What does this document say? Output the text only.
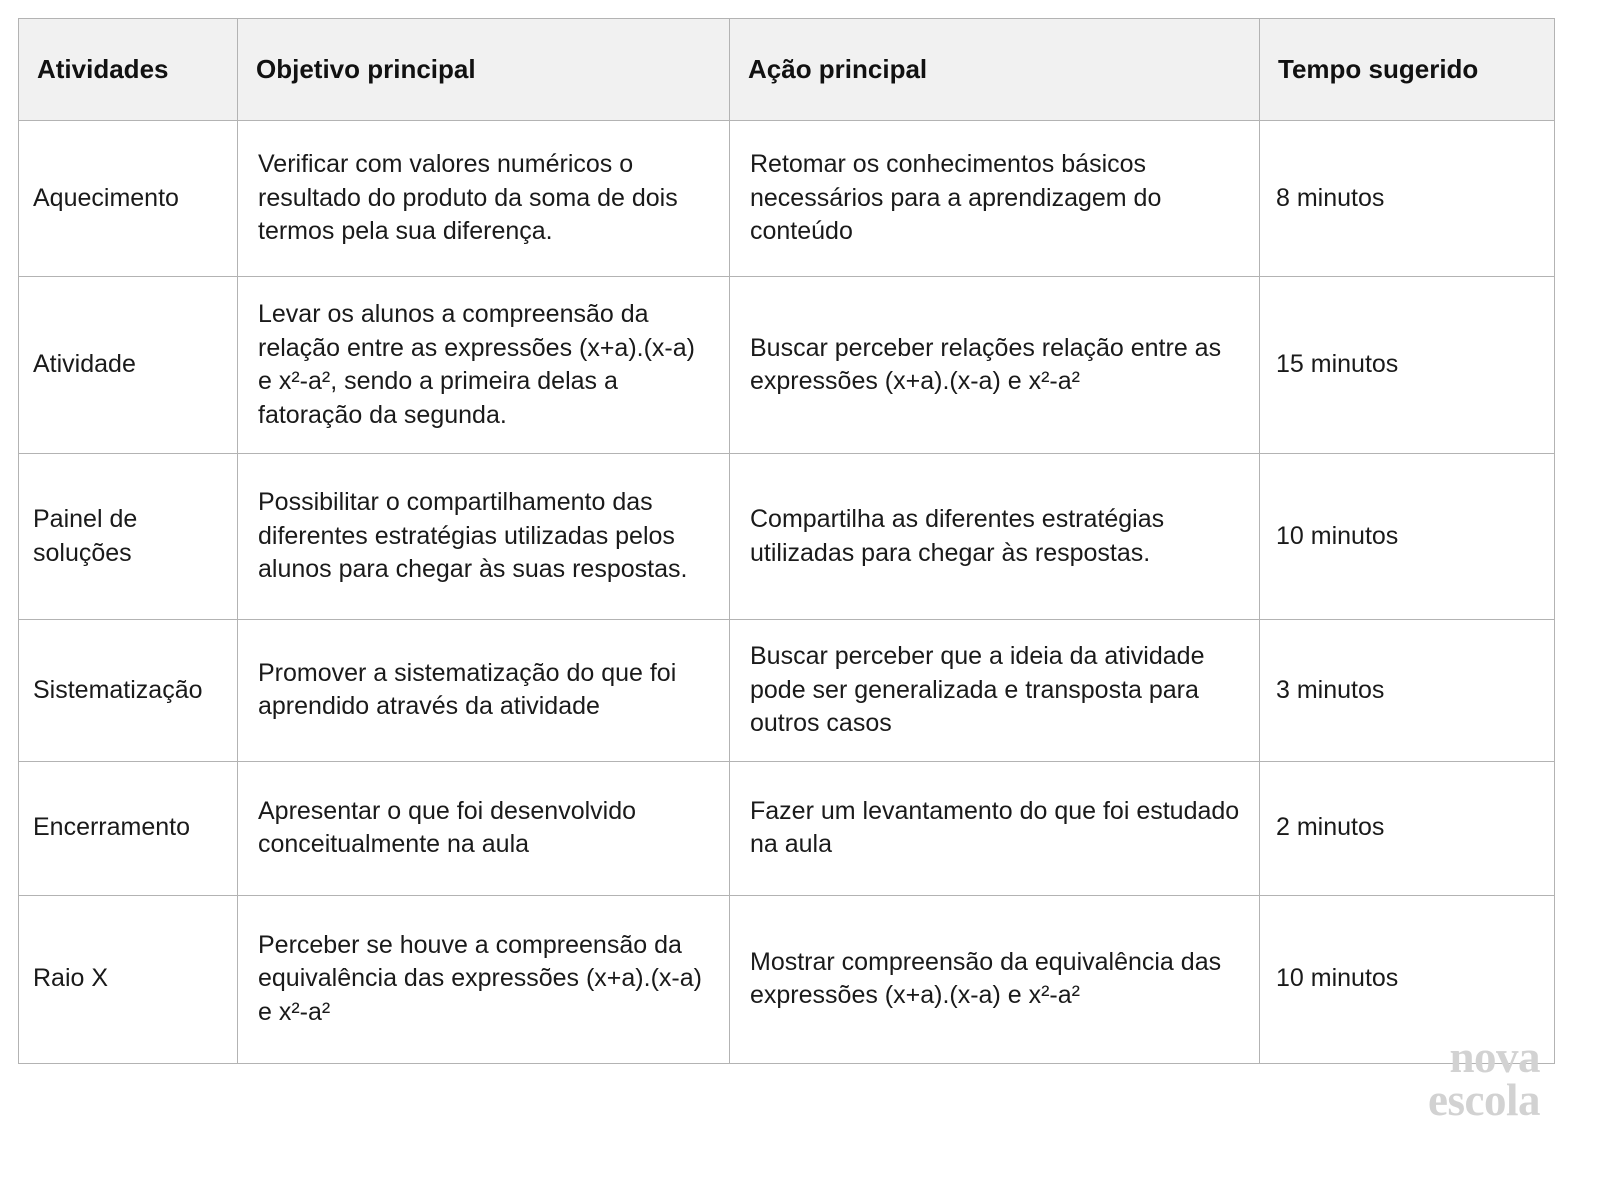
Atividades	Objetivo principal	Ação principal	Tempo sugerido
Aquecimento	Verificar com valores numéricos o resultado do produto da soma de dois termos pela sua diferença.	Retomar os conhecimentos básicos necessários para a aprendizagem do conteúdo	8 minutos
Atividade	Levar os alunos a compreensão da relação entre as expressões (x+a).(x-a) e x²-a², sendo a primeira delas a fatoração da segunda.	Buscar perceber relações relação entre as expressões (x+a).(x-a) e x²-a²	15 minutos
Painel de soluções	Possibilitar o compartilhamento das diferentes estratégias utilizadas pelos alunos para chegar às suas respostas.	Compartilha as diferentes estratégias utilizadas para chegar às respostas.	10 minutos
Sistematização	Promover a sistematização do que foi aprendido através da atividade	Buscar perceber que a ideia da atividade pode ser generalizada e transposta para outros casos	3 minutos
Encerramento	Apresentar o que foi desenvolvido conceitualmente na aula	Fazer um levantamento do que foi estudado na aula	2 minutos
Raio X	Perceber se houve a compreensão da equivalência das expressões (x+a).(x-a) e x²-a²	Mostrar compreensão da equivalência das expressões (x+a).(x-a) e x²-a²	10 minutos
nova
escola
